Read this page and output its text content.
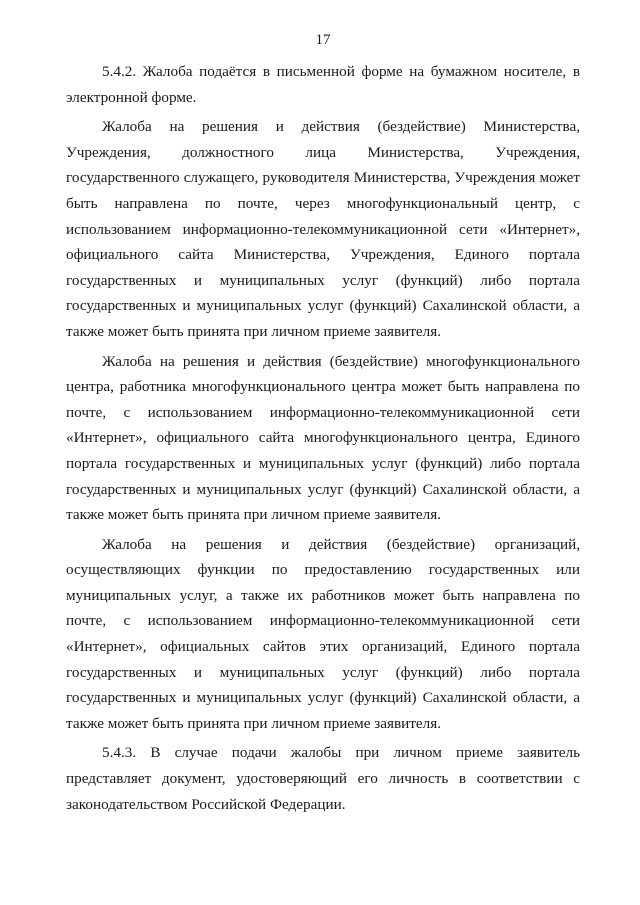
17

5.4.2. Жалоба подаётся в письменной форме на бумажном носителе, в электронной форме.

Жалоба на решения и действия (бездействие) Министерства, Учреждения, должностного лица Министерства, Учреждения, государственного служащего, руководителя Министерства, Учреждения может быть направлена по почте, через многофункциональный центр, с использованием информационно-телекоммуникационной сети «Интернет», официального сайта Министерства, Учреждения, Единого портала государственных и муниципальных услуг (функций) либо портала государственных и муниципальных услуг (функций) Сахалинской области, а также может быть принята при личном приеме заявителя.

Жалоба на решения и действия (бездействие) многофункционального центра, работника многофункционального центра может быть направлена по почте, с использованием информационно-телекоммуникационной сети «Интернет», официального сайта многофункционального центра, Единого портала государственных и муниципальных услуг (функций) либо портала государственных и муниципальных услуг (функций) Сахалинской области, а также может быть принята при личном приеме заявителя.

Жалоба на решения и действия (бездействие) организаций, осуществляющих функции по предоставлению государственных или муниципальных услуг, а также их работников может быть направлена по почте, с использованием информационно-телекоммуникационной сети «Интернет», официальных сайтов этих организаций, Единого портала государственных и муниципальных услуг (функций) либо портала государственных и муниципальных услуг (функций) Сахалинской области, а также может быть принята при личном приеме заявителя.

5.4.3. В случае подачи жалобы при личном приеме заявитель представляет документ, удостоверяющий его личность в соответствии с законодательством Российской Федерации.
